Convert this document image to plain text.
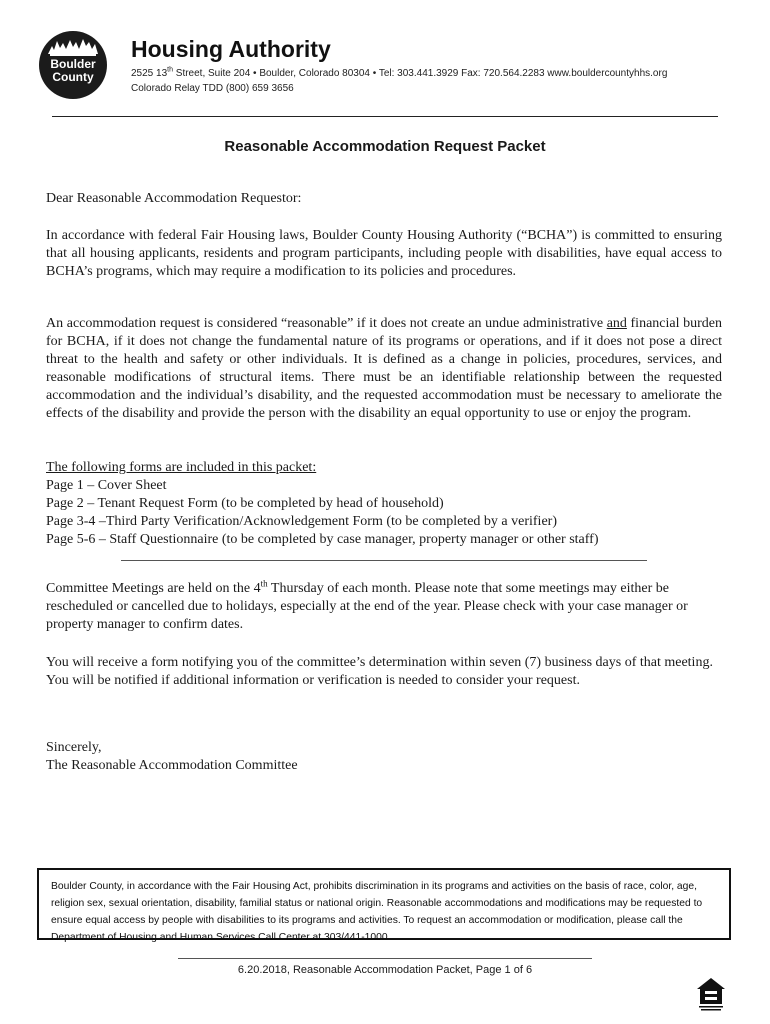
Boulder
County
Housing Authority
2525 13th Street, Suite 204 • Boulder, Colorado 80304 • Tel: 303.441.3929 Fax: 720.564.2283 www.bouldercountyhhs.org
Colorado Relay TDD (800) 659 3656
Reasonable Accommodation Request Packet
Dear Reasonable Accommodation Requestor:
In accordance with federal Fair Housing laws, Boulder County Housing Authority (“BCHA”) is committed to ensuring that all housing applicants, residents and program participants, including people with disabilities, have equal access to BCHA’s programs, which may require a modification to its policies and procedures.
An accommodation request is considered “reasonable” if it does not create an undue administrative and financial burden for BCHA, if it does not change the fundamental nature of its programs or operations, and if it does not pose a direct threat to the health and safety or other individuals. It is defined as a change in policies, procedures, services, and reasonable modifications of structural items. There must be an identifiable relationship between the requested accommodation and the individual’s disability, and the requested accommodation must be necessary to ameliorate the effects of the disability and provide the person with the disability an equal opportunity to use or enjoy the program.
The following forms are included in this packet:
Page 1 – Cover Sheet
Page 2 – Tenant Request Form (to be completed by head of household)
Page 3-4 –Third Party Verification/Acknowledgement Form (to be completed by a verifier)
Page 5-6 – Staff Questionnaire (to be completed by case manager, property manager or other staff)
Committee Meetings are held on the 4th Thursday of each month. Please note that some meetings may either be rescheduled or cancelled due to holidays, especially at the end of the year. Please check with your case manager or property manager to confirm dates.
You will receive a form notifying you of the committee’s determination within seven (7) business days of that meeting. You will be notified if additional information or verification is needed to consider your request.
Sincerely,
The Reasonable Accommodation Committee
Boulder County, in accordance with the Fair Housing Act, prohibits discrimination in its programs and activities on the basis of race, color, age, religion sex, sexual orientation, disability, familial status or national origin. Reasonable accommodations and modifications may be requested to ensure equal access by people with disabilities to its programs and activities. To request an accommodation or modification, please call the Department of Housing and Human Services Call Center at 303/441-1000.
6.20.2018, Reasonable Accommodation Packet, Page 1 of 6
